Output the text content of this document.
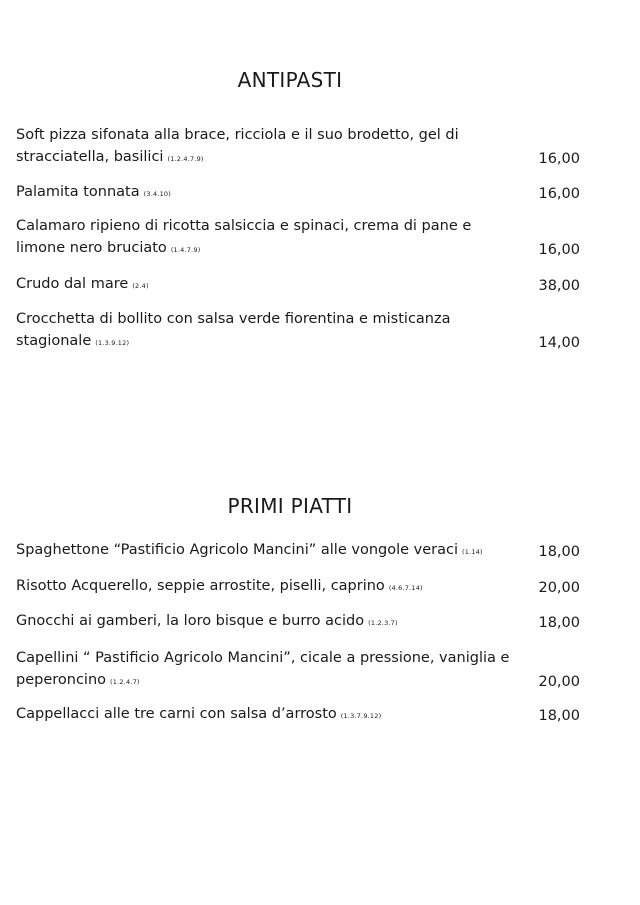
ANTIPASTI
Soft pizza sifonata alla brace, ricciola e il suo brodetto, gel di stracciatella, basilici (1.2.4.7.9)	16,00
Palamita tonnata (3.4.10)	16,00
Calamaro ripieno di ricotta salsiccia e spinaci, crema di pane e limone nero bruciato (1.4.7.9)	16,00
Crudo dal mare (2.4)	38,00
Crocchetta di bollito con salsa verde fiorentina e misticanza stagionale (1.3.9.12)	14,00
PRIMI PIATTI
Spaghettone “Pastificio Agricolo Mancini” alle vongole veraci (1.14)	18,00
Risotto Acquerello, seppie arrostite, piselli, caprino (4.6.7.14)	20,00
Gnocchi ai gamberi, la loro bisque e burro acido (1.2.3.7)	18,00
Capellini “ Pastificio Agricolo Mancini”, cicale a pressione, vaniglia e peperoncino (1.2.4.7)	20,00
Cappellacci alle tre carni con salsa d’arrosto (1.3.7.9.12)	18,00
